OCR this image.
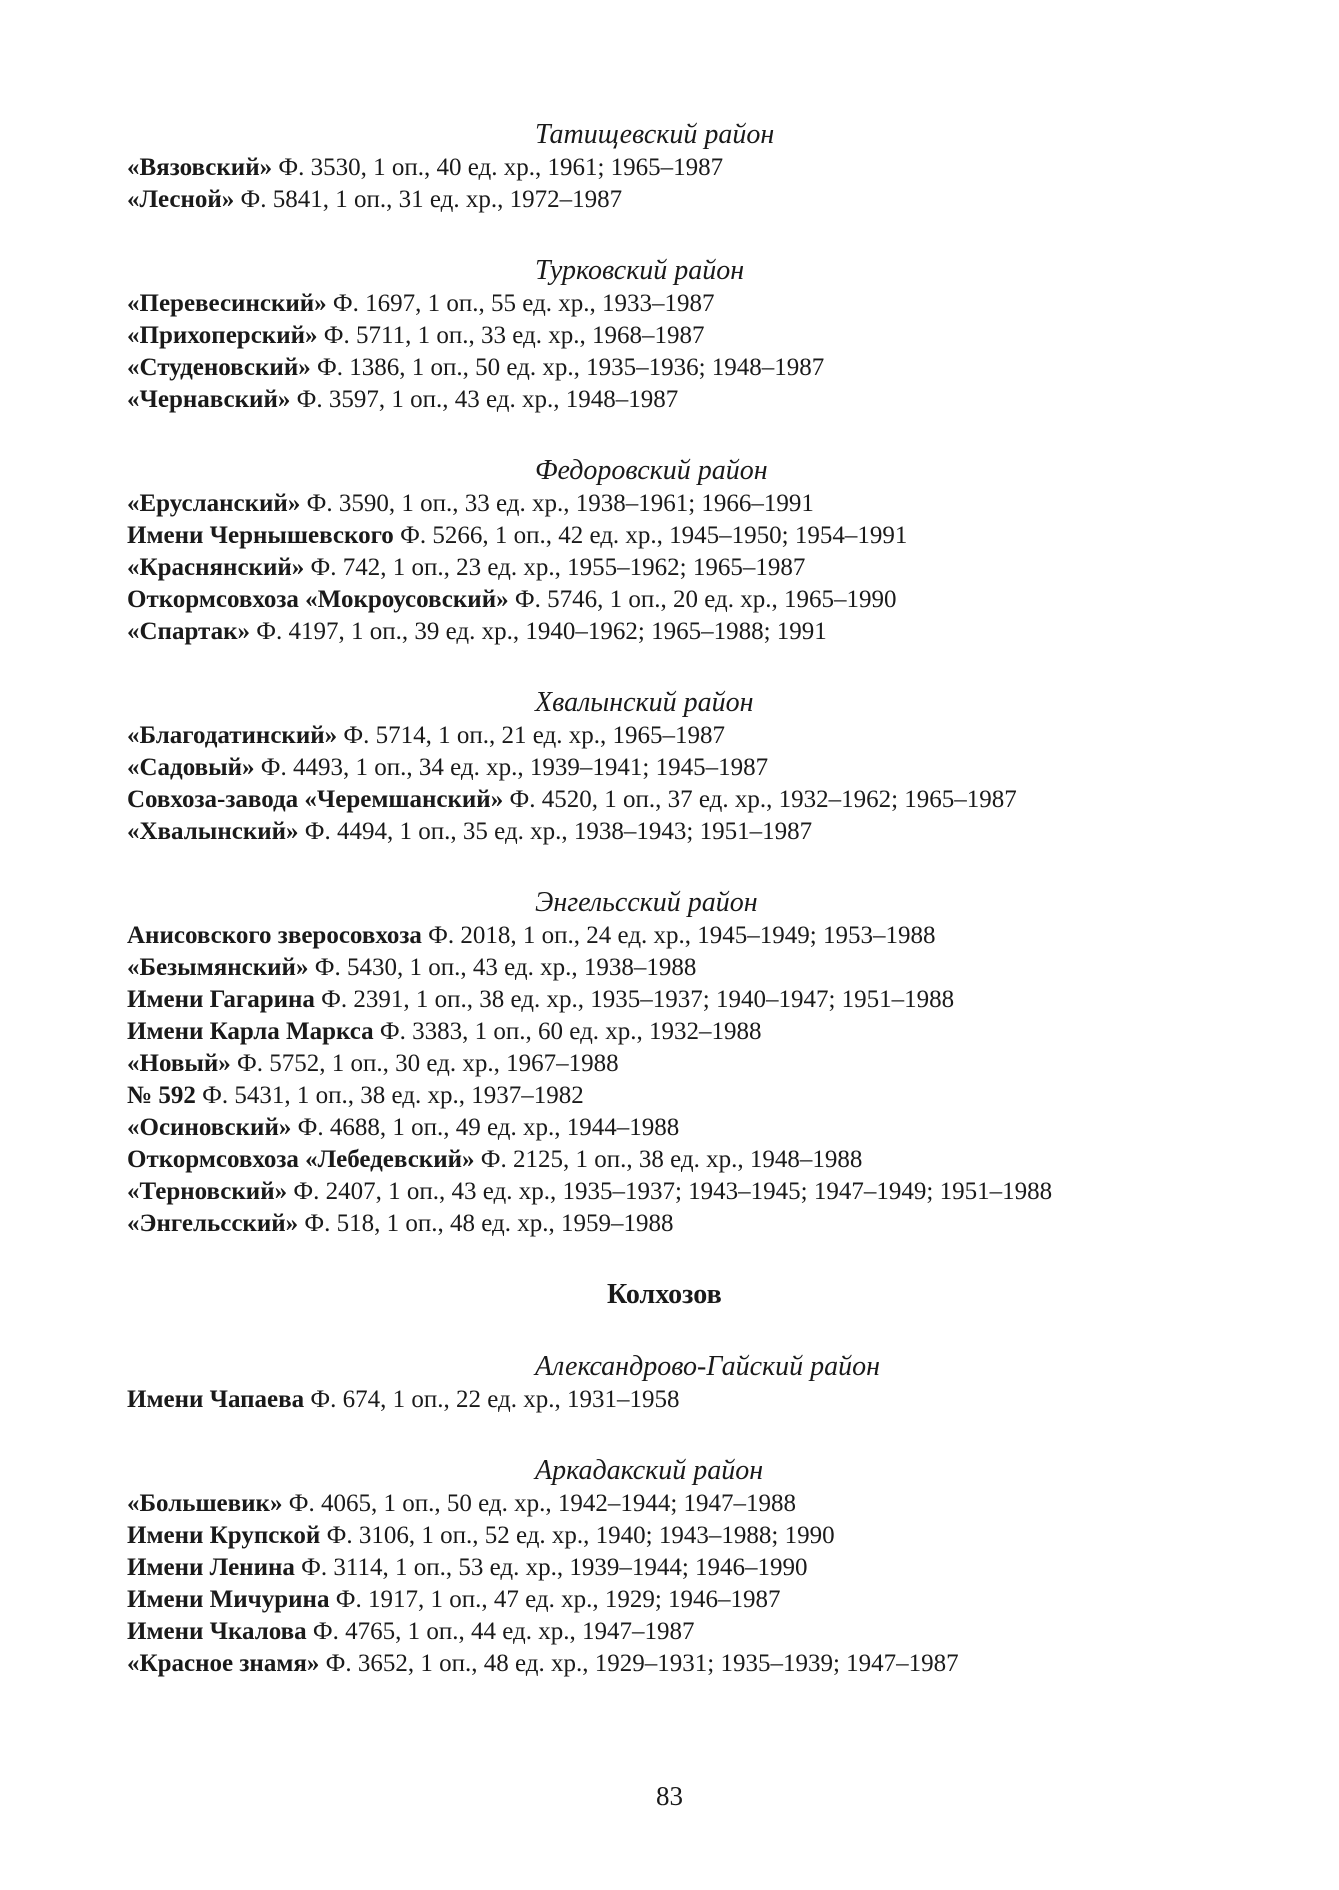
Татищевский район
«Вязовский» Ф. 3530, 1 оп., 40 ед. хр., 1961; 1965–1987
«Лесной» Ф. 5841, 1 оп., 31 ед. хр., 1972–1987
Турковский район
«Перевесинский» Ф. 1697, 1 оп., 55 ед. хр., 1933–1987
«Прихоперский» Ф. 5711, 1 оп., 33 ед. хр., 1968–1987
«Студеновский» Ф. 1386, 1 оп., 50 ед. хр., 1935–1936; 1948–1987
«Чернавский» Ф. 3597, 1 оп., 43 ед. хр., 1948–1987
Федоровский район
«Ерусланский» Ф. 3590, 1 оп., 33 ед. хр., 1938–1961; 1966–1991
Имени Чернышевского Ф. 5266, 1 оп., 42 ед. хр., 1945–1950; 1954–1991
«Краснянский» Ф. 742, 1 оп., 23 ед. хр., 1955–1962; 1965–1987
Откормсовхоза «Мокроусовский» Ф. 5746, 1 оп., 20 ед. хр., 1965–1990
«Спартак» Ф. 4197, 1 оп., 39 ед. хр., 1940–1962; 1965–1988; 1991
Хвалынский район
«Благодатинский» Ф. 5714, 1 оп., 21 ед. хр., 1965–1987
«Садовый» Ф. 4493, 1 оп., 34 ед. хр., 1939–1941; 1945–1987
Совхоза-завода «Черемшанский» Ф. 4520, 1 оп., 37 ед. хр., 1932–1962; 1965–1987
«Хвалынский» Ф. 4494, 1 оп., 35 ед. хр., 1938–1943; 1951–1987
Энгельсский район
Анисовского зверосовхоза Ф. 2018, 1 оп., 24 ед. хр., 1945–1949; 1953–1988
«Безымянский» Ф. 5430, 1 оп., 43 ед. хр., 1938–1988
Имени Гагарина Ф. 2391, 1 оп., 38 ед. хр., 1935–1937; 1940–1947; 1951–1988
Имени Карла Маркса Ф. 3383, 1 оп., 60 ед. хр., 1932–1988
«Новый» Ф. 5752, 1 оп., 30 ед. хр., 1967–1988
№ 592 Ф. 5431, 1 оп., 38 ед. хр., 1937–1982
«Осиновский» Ф. 4688, 1 оп., 49 ед. хр., 1944–1988
Откормсовхоза «Лебедевский» Ф. 2125, 1 оп., 38 ед. хр., 1948–1988
«Терновский» Ф. 2407, 1 оп., 43 ед. хр., 1935–1937; 1943–1945; 1947–1949; 1951–1988
«Энгельсский» Ф. 518, 1 оп., 48 ед. хр., 1959–1988
Колхозов
Александрово-Гайский район
Имени Чапаева Ф. 674, 1 оп., 22 ед. хр., 1931–1958
Аркадакский район
«Большевик» Ф. 4065, 1 оп., 50 ед. хр., 1942–1944; 1947–1988
Имени Крупской Ф. 3106, 1 оп., 52 ед. хр., 1940; 1943–1988; 1990
Имени Ленина Ф. 3114, 1 оп., 53 ед. хр., 1939–1944; 1946–1990
Имени Мичурина Ф. 1917, 1 оп., 47 ед. хр., 1929; 1946–1987
Имени Чкалова Ф. 4765, 1 оп., 44 ед. хр., 1947–1987
«Красное знамя» Ф. 3652, 1 оп., 48 ед. хр., 1929–1931; 1935–1939; 1947–1987
83
